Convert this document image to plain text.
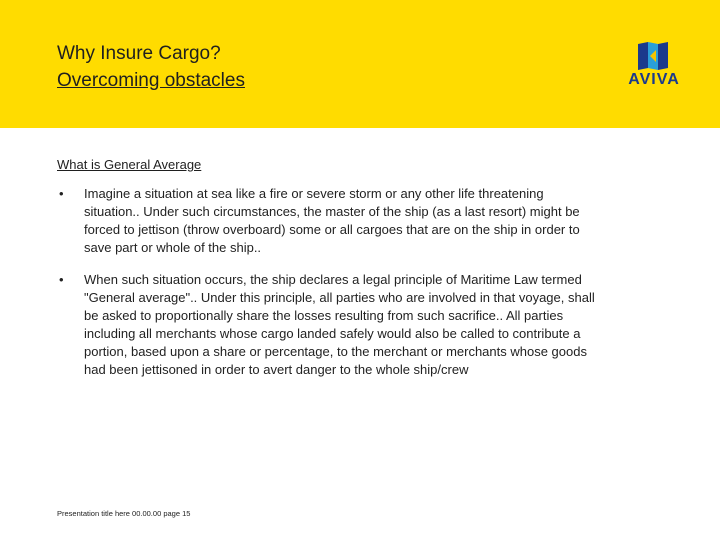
Why Insure Cargo?
Overcoming obstacles	AVIVA
What is General Average
• Imagine a situation at sea like a fire or severe storm or any other life threatening situation.. Under such circumstances, the master of the ship (as a last resort) might be forced to jettison (throw overboard) some or all cargoes that are on the ship in order to save part or whole of the ship..
• When such situation occurs, the ship declares a legal principle of Maritime Law termed "General average".. Under this principle, all parties who are involved in that voyage, shall be asked to proportionally share the losses resulting from such sacrifice.. All parties including all merchants whose cargo landed safely would also be called to contribute a portion, based upon a share or percentage, to the merchant or merchants whose goods had been jettisoned in order to avert danger to the whole ship/crew
Presentation title here 00.00.00 page 15
